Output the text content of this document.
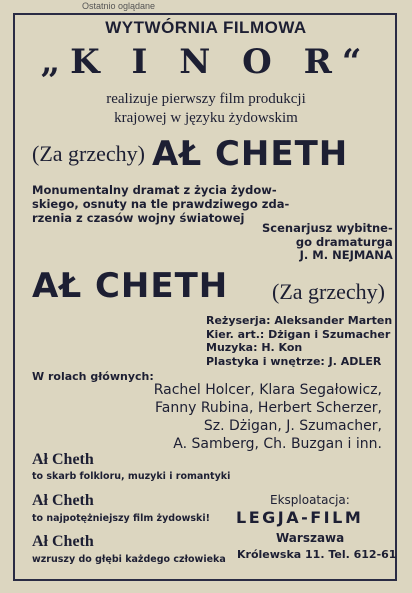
Ostatnio oglądane
WYTWÓRNIA FILMOWA
„K I N O R“
realizuje pierwszy film produkcji
krajowej w języku żydowskim
(Za grzechy) AŁ CHETH
Monumentalny dramat z życia żydow-
skiego, osnuty na tle prawdziwego zda-
rzenia z czasów wojny światowej
Scenarjusz wybitne-
go dramaturga
J. M. NEJMANA
AŁ CHETH (Za grzechy)
Reżyserja: Aleksander Marten
Kier. art.: Dżigan i Szumacher
Muzyka: H. Kon
Plastyka i wnętrze: J. ADLER
W rolach głównych:
Rachel Holcer, Klara Segałowicz,
Fanny Rubina, Herbert Scherzer,
Sz. Dżigan, J. Szumacher,
A. Samberg, Ch. Buzgan i inn.
Ał Cheth
to skarb folkloru, muzyki i romantyki
Ał Cheth
to najpotężniejszy film żydowski!
Ał Cheth
wzruszy do głębi każdego człowieka
Eksploatacja:
LEGJA-FILM
Warszawa
Królewska 11. Tel. 612-61
